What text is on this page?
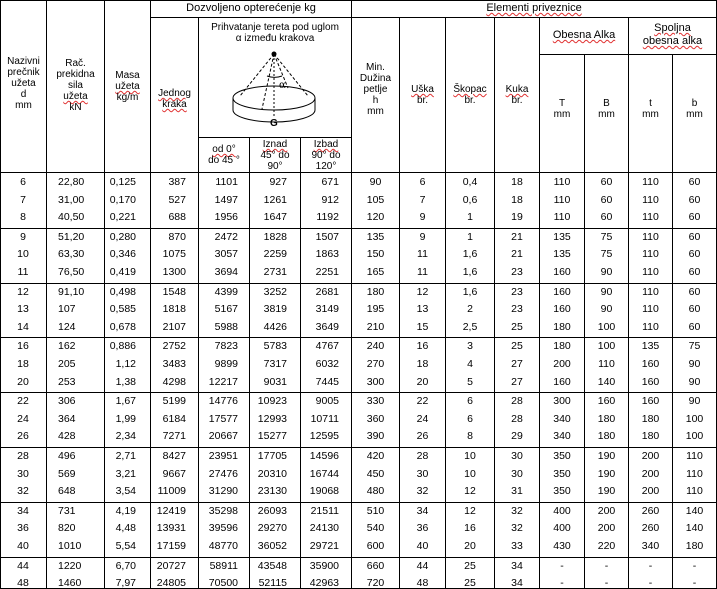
Nazivni
prečnik
užeta
d
mm
Rač.
prekidna
sila
užeta
kN
Masa
užeta
kg/m
Dozvoljeno opterećenje kg
Jednog
kraka
Prihvatanje tereta pod uglom
α između krakova
α
G
od 0°
do 45 °
Iznad
45° do
90°
Izbad
90° do
120°
Elementi priveznice
Min.
Dužina
petlje
h
mm
Uška
br.
Škopac
br.
Kuka
br.
Obesna Alka
Spoljna
obesna alka
T
mm
B
mm
t
mm
b
mm
6	22,80	0,125	387	1101	927	671	90	6	0,4	18	110	60	110	60
7	31,00	0,170	527	1497	1261	912	105	7	0,6	18	110	60	110	60
8	40,50	0,221	688	1956	1647	1192	120	9	1	19	110	60	110	60
9	51,20	0,280	870	2472	1828	1507	135	9	1	21	135	75	110	60
10	63,30	0,346	1075	3057	2259	1863	150	11	1,6	21	135	75	110	60
11	76,50	0,419	1300	3694	2731	2251	165	11	1,6	23	160	90	110	60
12	91,10	0,498	1548	4399	3252	2681	180	12	1,6	23	160	90	110	60
13	107	0,585	1818	5167	3819	3149	195	13	2	23	160	90	110	60
14	124	0,678	2107	5988	4426	3649	210	15	2,5	25	180	100	110	60
16	162	0,886	2752	7823	5783	4767	240	16	3	25	180	100	135	75
18	205	1,12	3483	9899	7317	6032	270	18	4	27	200	110	160	90
20	253	1,38	4298	12217	9031	7445	300	20	5	27	160	140	160	90
22	306	1,67	5199	14776	10923	9005	330	22	6	28	300	160	160	90
24	364	1,99	6184	17577	12993	10711	360	24	6	28	340	180	180	100
26	428	2,34	7271	20667	15277	12595	390	26	8	29	340	180	180	100
28	496	2,71	8427	23951	17705	14596	420	28	10	30	350	190	200	110
30	569	3,21	9667	27476	20310	16744	450	30	10	30	350	190	200	110
32	648	3,54	11009	31290	23130	19068	480	32	12	31	350	190	200	110
34	731	4,19	12419	35298	26093	21511	510	34	12	32	400	200	260	140
36	820	4,48	13931	39596	29270	24130	540	36	16	32	400	200	260	140
40	1010	5,54	17159	48770	36052	29721	600	40	20	33	430	220	340	180
44	1220	6,70	20727	58911	43548	35900	660	44	25	34	-	-	-	-
48	1460	7,97	24805	70500	52115	42963	720	48	25	34	-	-	-	-
